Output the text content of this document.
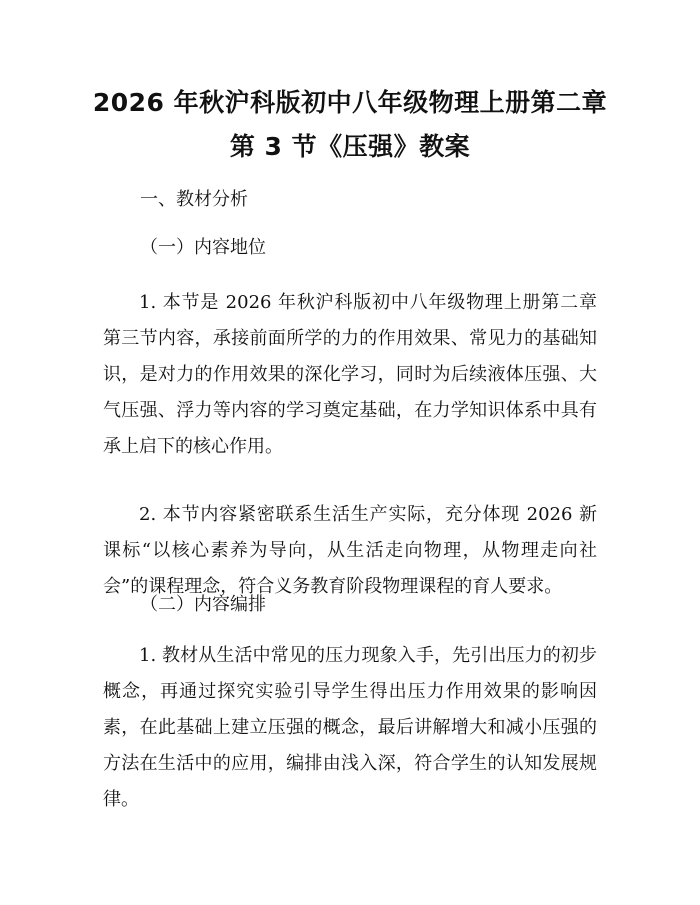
2026 年秋沪科版初中八年级物理上册第二章
第 3 节《压强》教案
一、教材分析
（一）内容地位
1. 本节是 2026 年秋沪科版初中八年级物理上册第二章第三节内容，承接前面所学的力的作用效果、常见力的基础知识，是对力的作用效果的深化学习，同时为后续液体压强、大气压强、浮力等内容的学习奠定基础，在力学知识体系中具有承上启下的核心作用。
2. 本节内容紧密联系生活生产实际，充分体现 2026 新课标“以核心素养为导向，从生活走向物理，从物理走向社会”的课程理念，符合义务教育阶段物理课程的育人要求。
（二）内容编排
1. 教材从生活中常见的压力现象入手，先引出压力的初步概念，再通过探究实验引导学生得出压力作用效果的影响因素，在此基础上建立压强的概念，最后讲解增大和减小压强的方法在生活中的应用，编排由浅入深，符合学生的认知发展规律。
